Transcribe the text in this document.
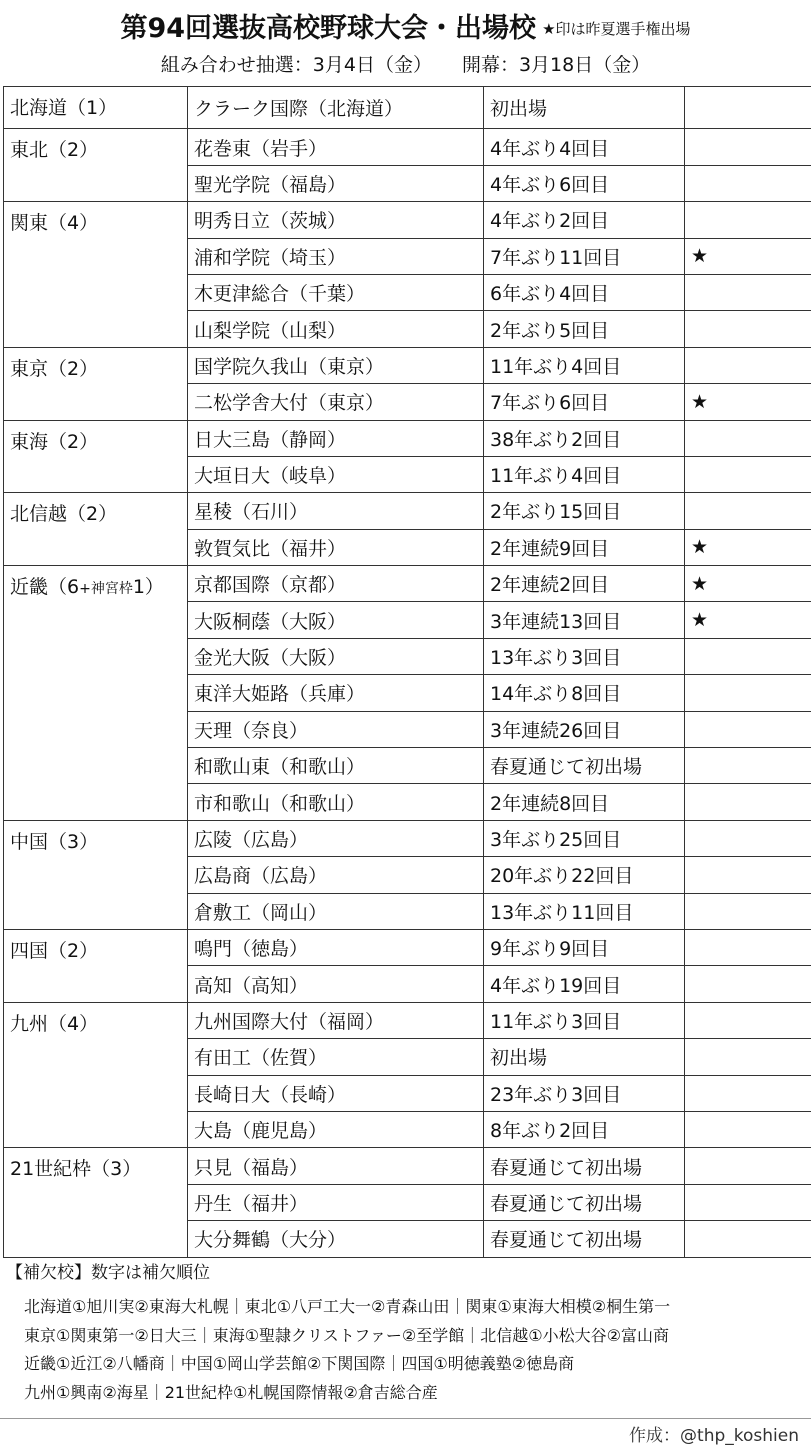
第94回選抜高校野球大会・出場校 ★印は昨夏選手権出場
組み合わせ抽選：3月4日（金） 開幕：3月18日（金）
北海道（1）	クラーク国際（北海道）	初出場	
東北（2）	花巻東（岩手）	4年ぶり4回目	
	聖光学院（福島）	4年ぶり6回目	
関東（4）	明秀日立（茨城）	4年ぶり2回目	
	浦和学院（埼玉）	7年ぶり11回目	★
	木更津総合（千葉）	6年ぶり4回目	
	山梨学院（山梨）	2年ぶり5回目	
東京（2）	国学院久我山（東京）	11年ぶり4回目	
	二松学舎大付（東京）	7年ぶり6回目	★
東海（2）	日大三島（静岡）	38年ぶり2回目	
	大垣日大（岐阜）	11年ぶり4回目	
北信越（2）	星稜（石川）	2年ぶり15回目	
	敦賀気比（福井）	2年連続9回目	★
近畿（6+神宮枠1）	京都国際（京都）	2年連続2回目	★
	大阪桐蔭（大阪）	3年連続13回目	★
	金光大阪（大阪）	13年ぶり3回目	
	東洋大姫路（兵庫）	14年ぶり8回目	
	天理（奈良）	3年連続26回目	
	和歌山東（和歌山）	春夏通じて初出場	
	市和歌山（和歌山）	2年連続8回目	
中国（3）	広陵（広島）	3年ぶり25回目	
	広島商（広島）	20年ぶり22回目	
	倉敷工（岡山）	13年ぶり11回目	
四国（2）	鳴門（徳島）	9年ぶり9回目	
	高知（高知）	4年ぶり19回目	
九州（4）	九州国際大付（福岡）	11年ぶり3回目	
	有田工（佐賀）	初出場	
	長崎日大（長崎）	23年ぶり3回目	
	大島（鹿児島）	8年ぶり2回目	
21世紀枠（3）	只見（福島）	春夏通じて初出場	
	丹生（福井）	春夏通じて初出場	
	大分舞鶴（大分）	春夏通じて初出場	
【補欠校】数字は補欠順位
北海道①旭川実②東海大札幌｜東北①八戸工大一②青森山田｜関東①東海大相模②桐生第一
東京①関東第一②日大三｜東海①聖隷クリストファー②至学館｜北信越①小松大谷②富山商
近畿①近江②八幡商｜中国①岡山学芸館②下関国際｜四国①明徳義塾②徳島商
九州①興南②海星｜21世紀枠①札幌国際情報②倉吉総合産
作成：@thp_koshien
